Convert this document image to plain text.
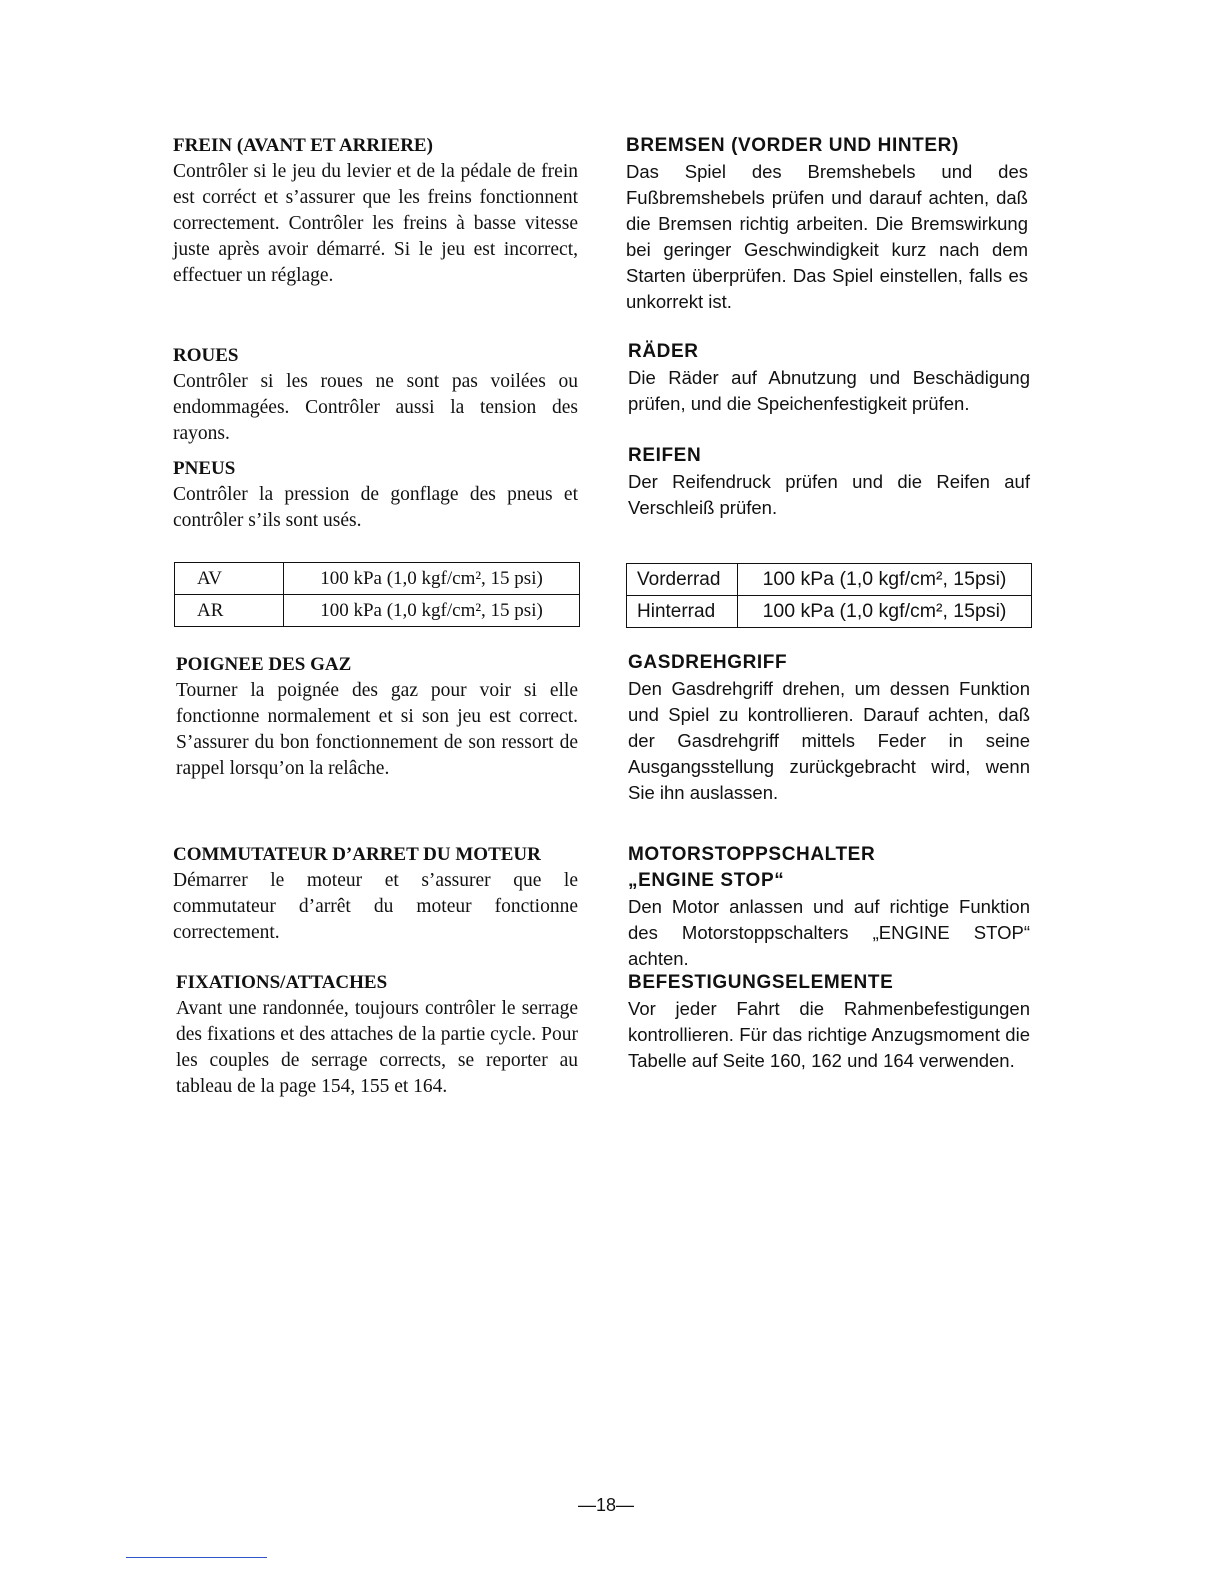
FREIN (AVANT ET ARRIERE)

Contrôler si le jeu du levier et de la pédale de frein est corréct et s’assurer que les freins fonctionnent correctement. Contrôler les freins à basse vitesse juste après avoir démarré. Si le jeu est incorrect, effectuer un réglage.

ROUES

Contrôler si les roues ne sont pas voilées ou endommagées. Contrôler aussi la tension des rayons.

PNEUS

Contrôler la pression de gonflage des pneus et contrôler s’ils sont usés.

AV	100 kPa (1,0 kgf/cm², 15 psi)
AR	100 kPa (1,0 kgf/cm², 15 psi)
POIGNEE DES GAZ

Tourner la poignée des gaz pour voir si elle fonctionne normalement et si son jeu est correct. S’assurer du bon fonctionnement de son ressort de rappel lorsqu’on la relâche.

COMMUTATEUR D’ARRET DU MOTEUR

Démarrer le moteur et s’assurer que le commutateur d’arrêt du moteur fonctionne correctement.

FIXATIONS/ATTACHES

Avant une randonnée, toujours contrôler le serrage des fixations et des attaches de la partie cycle. Pour les couples de serrage corrects, se reporter au tableau de la page 154, 155 et 164.

BREMSEN (VORDER UND HINTER)

Das Spiel des Bremshebels und des Fußbremshebels prüfen und darauf achten, daß die Bremsen richtig arbeiten. Die Bremswirkung bei geringer Geschwindigkeit kurz nach dem Starten überprüfen. Das Spiel einstellen, falls es unkorrekt ist.

RÄDER

Die Räder auf Abnutzung und Beschädigung prüfen, und die Speichenfestigkeit prüfen.

REIFEN

Der Reifendruck prüfen und die Reifen auf Verschleiß prüfen.

Vorderrad	100 kPa (1,0 kgf/cm², 15psi)
Hinterrad	100 kPa (1,0 kgf/cm², 15psi)
GASDREHGRIFF

Den Gasdrehgriff drehen, um dessen Funktion und Spiel zu kontrollieren. Darauf achten, daß der Gasdrehgriff mittels Feder in seine Ausgangsstellung zurückgebracht wird, wenn Sie ihn auslassen.

MOTORSTOPPSCHALTER
„ENGINE STOP“

Den Motor anlassen und auf richtige Funktion des Motorstoppschalters „ENGINE STOP“ achten.

BEFESTIGUNGSELEMENTE

Vor jeder Fahrt die Rahmenbefestigungen kontrollieren. Für das richtige Anzugsmoment die Tabelle auf Seite 160, 162 und 164 verwenden.

—18—
